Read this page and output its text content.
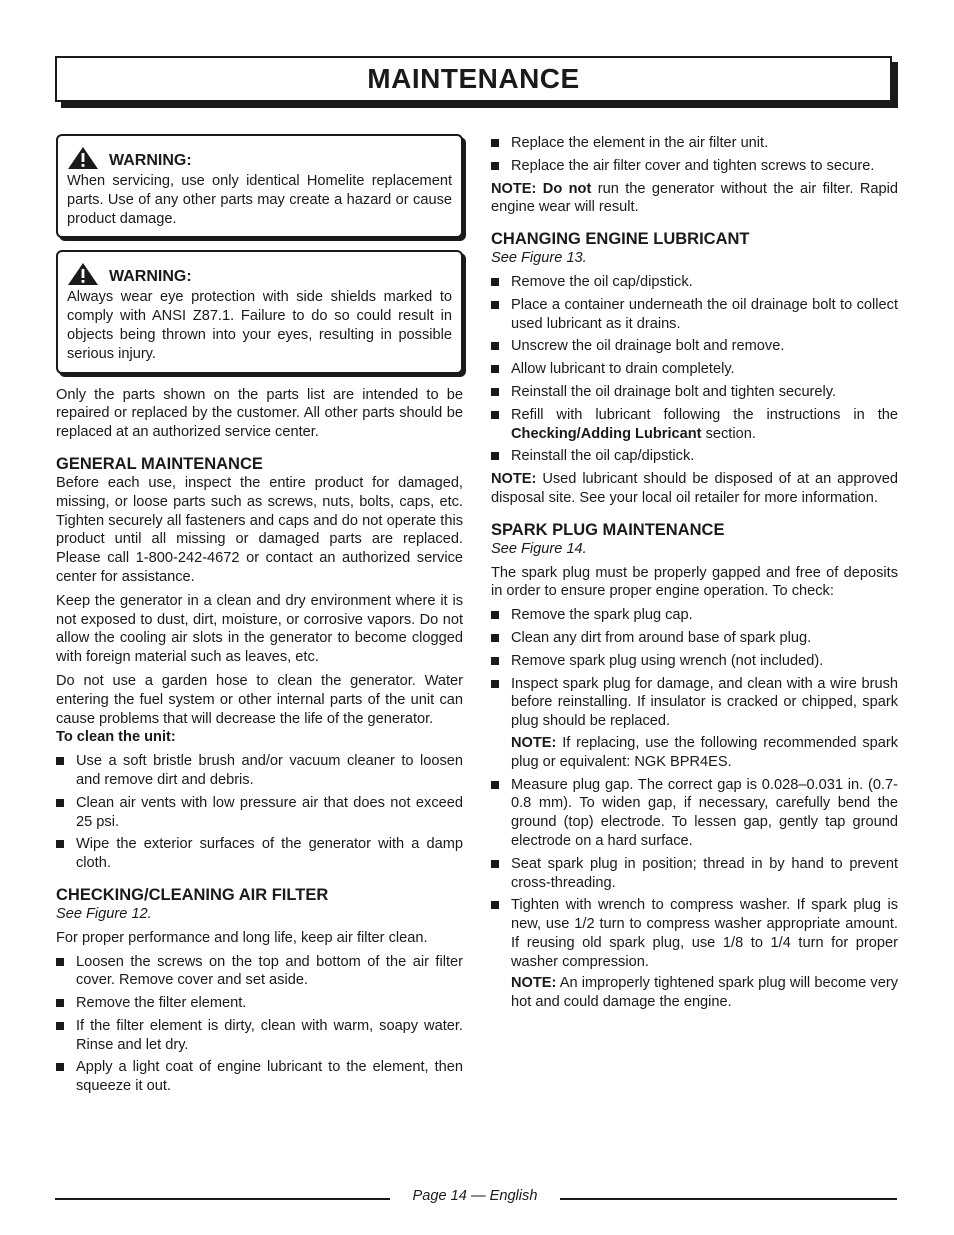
MAINTENANCE
WARNING:

When servicing, use only identical Homelite replacement parts. Use of any other parts may create a hazard or cause product damage.

WARNING:

Always wear eye protection with side shields marked to comply with ANSI Z87.1. Failure to do so could result in objects being thrown into your eyes, resulting in possible serious injury.

Only the parts shown on the parts list are intended to be repaired or replaced by the customer. All other parts should be replaced at an authorized service center.

GENERAL MAINTENANCE

Before each use, inspect the entire product for damaged, missing, or loose parts such as screws, nuts, bolts, caps, etc. Tighten securely all fasteners and caps and do not operate this product until all missing or damaged parts are replaced. Please call 1-800-242-4672 or contact an authorized service center for assistance.

Keep the generator in a clean and dry environment where it is not exposed to dust, dirt, moisture, or corrosive vapors. Do not allow the cooling air slots in the generator to become clogged with foreign material such as leaves, etc.

Do not use a garden hose to clean the generator. Water entering the fuel system or other internal parts of the unit can cause problems that will decrease the life of the generator.

To clean the unit:

Use a soft bristle brush and/or vacuum cleaner to loosen and remove dirt and debris.
Clean air vents with low pressure air that does not exceed 25 psi.
Wipe the exterior surfaces of the generator with a damp cloth.
CHECKING/CLEANING AIR FILTER
See Figure 12.

For proper performance and long life, keep air filter clean.

Loosen the screws on the top and bottom of the air filter cover. Remove cover and set aside.
Remove the filter element.
If the filter element is dirty, clean with warm, soapy water. Rinse and let dry.
Apply a light coat of engine lubricant to the element, then squeeze it out.
Replace the element in the air filter unit.
Replace the air filter cover and tighten screws to secure.

NOTE: Do not run the generator without the air filter. Rapid engine wear will result.

CHANGING ENGINE LUBRICANT
See Figure 13.
Remove the oil cap/dipstick.
Place a container underneath the oil drainage bolt to collect used lubricant as it drains.
Unscrew the oil drainage bolt and remove.
Allow lubricant to drain completely.
Reinstall the oil drainage bolt and tighten securely.
Refill with lubricant following the instructions in the Checking/Adding Lubricant section.
Reinstall the oil cap/dipstick.

NOTE: Used lubricant should be disposed of at an approved disposal site. See your local oil retailer for more information.

SPARK PLUG MAINTENANCE
See Figure 14.

The spark plug must be properly gapped and free of deposits in order to ensure proper engine operation. To check:

Remove the spark plug cap.
Clean any dirt from around base of spark plug.
Remove spark plug using wrench (not included).
Inspect spark plug for damage, and clean with a wire brush before reinstalling. If insulator is cracked or chipped, spark plug should be replaced.
NOTE: If replacing, use the following recommended spark plug or equivalent: NGK BPR4ES.
Measure plug gap. The correct gap is 0.028–0.031 in. (0.7-0.8 mm). To widen gap, if necessary, carefully bend the ground (top) electrode. To lessen gap, gently tap ground electrode on a hard surface.
Seat spark plug in position; thread in by hand to prevent cross-threading.
Tighten with wrench to compress washer. If spark plug is new, use 1/2 turn to compress washer appropriate amount. If reusing old spark plug, use 1/8 to 1/4 turn for proper washer compression.
NOTE: An improperly tightened spark plug will become very hot and could damage the engine.
Page 14 — English
